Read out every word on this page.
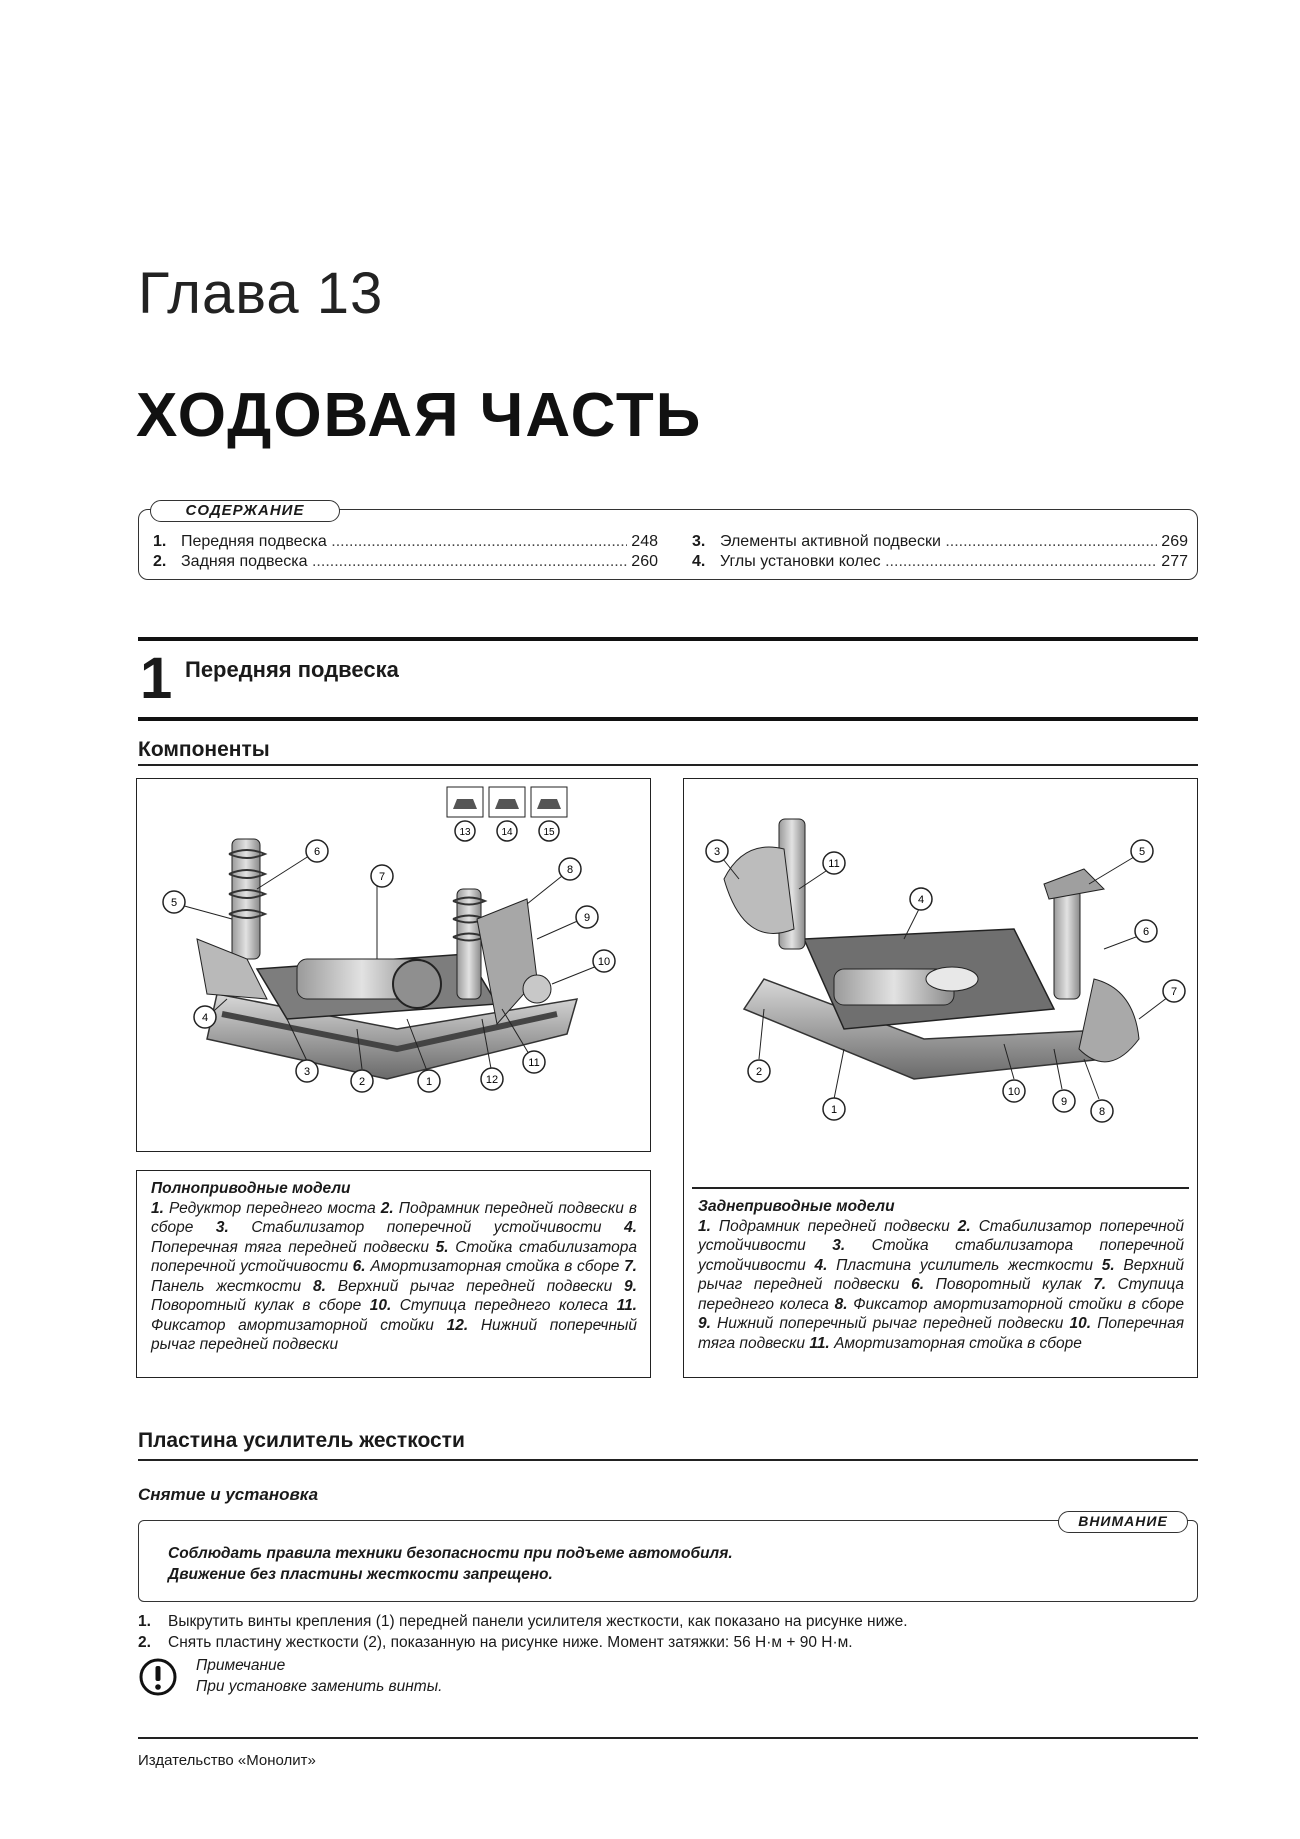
Глава 13
ХОДОВАЯ ЧАСТЬ
1. Передняя подвеска .....	248
2. Задняя подвеска .....	260
3. Элементы активной подвески .....	269
4. Углы установки колес .....	277
СОДЕРЖАНИЕ
1 Передняя подвеска
Компоненты
13	14	15
1
2
3
4
5
6
7
8
9
10
11
12
Полноприводные модели
1. Редуктор переднего моста 2. Подрамник передней подвески в сборе 3. Стабилизатор поперечной устойчивости 4. Поперечная тяга передней подвески 5. Стойка стабилизатора поперечной устойчивости 6. Амортизаторная стойка в сборе 7. Панель жесткости 8. Верхний рычаг передней подвески 9. Поворотный кулак в сборе 10. Ступица переднего колеса 11. Фиксатор амортизаторной стойки 12. Нижний поперечный рычаг передней подвески
1
2
3
4
5
6
7
8
9
10
11
Заднеприводные модели
1. Подрамник передней подвески 2. Стабилизатор поперечной устойчивости 3. Стойка стабилизатора поперечной устойчивости 4. Пластина усилитель жесткости 5. Верхний рычаг передней подвески 6. Поворотный кулак 7. Ступица переднего колеса 8. Фиксатор амортизаторной стойки в сборе 9. Нижний поперечный рычаг передней подвески 10. Поперечная тяга подвески 11. Амортизаторная стойка в сборе
Пластина усилитель жесткости
Снятие и установка
ВНИМАНИЕ
Соблюдать правила техники безопасности при подъеме автомобиля.
Движение без пластины жесткости запрещено.
1.	Выкрутить винты крепления (1) передней панели усилителя жесткости, как показано на рисунке ниже.
2.	Снять пластину жесткости (2), показанную на рисунке ниже. Момент затяжки: 56 Н·м + 90 Н·м.
Примечание
При установке заменить винты.
Издательство «Монолит»
